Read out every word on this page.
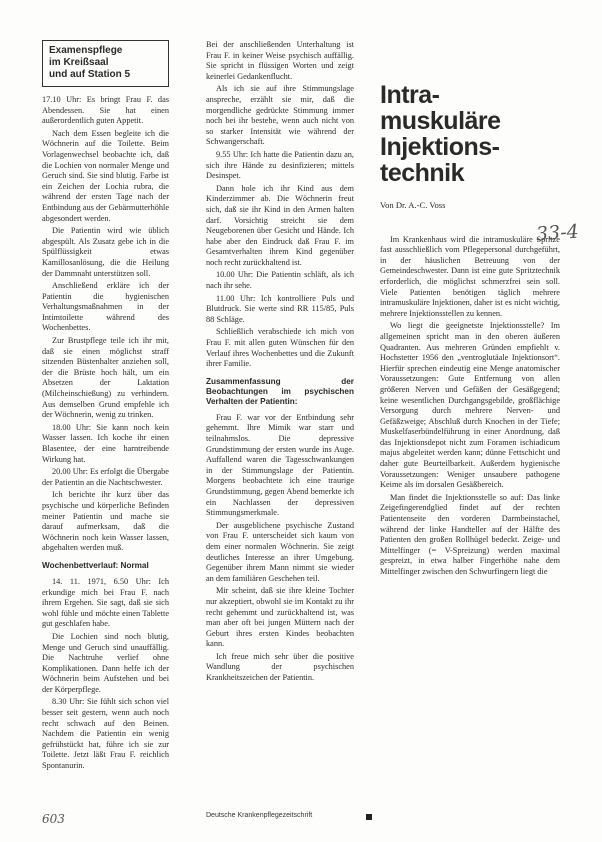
Examenspflege
im Kreißsaal
und auf Station 5

17.10 Uhr: Es bringt Frau F. das Abendessen. Sie hat einen außerordentlich guten Appetit.

Nach dem Essen begleite ich die Wöchnerin auf die Toilette. Beim Vorlagenwechsel beobachte ich, daß die Lochien von normaler Menge und Geruch sind. Sie sind blutig. Farbe ist ein Zeichen der Lochia rubra, die während der ersten Tage nach der Entbindung aus der Gebärmutterhöhle abgesondert werden.

Die Patientin wird wie üblich abgespült. Als Zusatz gebe ich in die Spülflüssigkeit etwas Kamillosanlösung, die die Heilung der Dammnaht unterstützen soll.

Anschließend erkläre ich der Patientin die hygienischen Verhaltungsmaßnahmen in der Intimtoilette während des Wochenbettes.

Zur Brustpflege teile ich ihr mit, daß sie einen möglichst straff sitzenden Büstenhalter anziehen soll, der die Brüste hoch hält, um ein Absetzen der Laktation (Milcheinschießung) zu verhindern. Aus demselben Grund empfehle ich der Wöchnerin, wenig zu trinken.

18.00 Uhr: Sie kann noch kein Wasser lassen. Ich koche ihr einen Blasentee, der eine harntreibende Wirkung hat.

20.00 Uhr: Es erfolgt die Übergabe der Patientin an die Nachtschwester.

Ich berichte ihr kurz über das psychische und körperliche Befinden meiner Patientin und mache sie darauf aufmerksam, daß die Wöchnerin noch kein Wasser lassen, abgehalten werden muß.

Wochenbettverlauf: Normal

14. 11. 1971, 6.50 Uhr: Ich erkundige mich bei Frau F. nach ihrem Ergehen. Sie sagt, daß sie sich wohl fühle und möchte einen Tablette gut geschlafen habe.

Die Lochien sind noch blutig, Menge und Geruch sind unauffällig. Die Nachtruhe verlief ohne Komplikationen. Dann helfe ich der Wöchnerin beim Aufstehen und bei der Körperpflege.

8.30 Uhr: Sie fühlt sich schon viel besser seit gestern, wenn auch noch recht schwach auf den Beinen. Nachdem die Patientin ein wenig gefrühstückt hat, führe ich sie zur Toilette. Jetzt läßt Frau F. reichlich Spontanurin.

Bei der anschließenden Unterhaltung ist Frau F. in keiner Weise psychisch auffällig. Sie spricht in flüssigen Worten und zeigt keinerlei Gedankenflucht.

Als ich sie auf ihre Stimmungslage anspreche, erzählt sie mir, daß die morgendliche gedrückte Stimmung immer noch bei ihr bestehe, wenn auch nicht von so starker Intensität wie während der Schwangerschaft.

9.55 Uhr: Ich hatte die Patientin dazu an, sich ihre Hände zu desinfizieren; mittels Desinspet.

Dann hole ich ihr Kind aus dem Kinderzimmer ab. Die Wöchnerin freut sich, daß sie ihr Kind in den Armen halten darf. Vorsichtig streicht sie dem Neugeborenen über Gesicht und Hände. Ich habe aber den Eindruck daß Frau F. im Gesamtverhalten ihrem Kind gegenüber noch recht zurückhaltend ist.

10.00 Uhr: Die Patientin schläft, als ich nach ihr sehe.

11.00 Uhr: Ich kontrolliere Puls und Blutdruck. Sie werte sind RR 115/85, Puls 88 Schläge.

Schließlich verabschiede ich mich von Frau F. mit allen guten Wünschen für den Verlauf ihres Wochenbettes und die Zukunft ihrer Familie.

Zusammenfassung der Beobachtungen im psychischen Verhalten der Patientin:

Frau F. war vor der Entbindung sehr gehemmt. Ihre Mimik war starr und teilnahmslos. Die depressive Grundstimmung der ersten wurde ins Auge. Auffallend waren die Tagesschwankungen in der Stimmungslage der Patientin. Morgens beobachtete ich eine traurige Grundstimmung, gegen Abend bemerkte ich ein Nachlassen der depressiven Stimmungsmerkmale.

Der ausgeblichene psychische Zustand von Frau F. unterscheidet sich kaum von dem einer normalen Wöchnerin. Sie zeigt deutliches Interesse an ihrer Umgebung. Gegenüber ihrem Mann nimmt sie wieder an dem familiären Geschehen teil.

Mir scheint, daß sie ihre kleine Tochter nur akzeptiert, obwohl sie im Kontakt zu ihr recht gehemmt und zurückhaltend ist, was man aber oft bei jungen Müttern nach der Geburt ihres ersten Kindes beobachten kann.

Ich freue mich sehr über die positive Wandlung der psychischen Krankheitszeichen der Patientin.

Intra-
muskuläre
Injektions-
technik
Von Dr. A.-C. Voss

Im Krankenhaus wird die intramuskuläre Spritze fast ausschließlich vom Pflegepersonal durchgeführt, in der häuslichen Betreuung von der Gemeindeschwester. Dann ist eine gute Spritztechnik erforderlich, die möglichst schmerzfrei sein soll. Viele Patienten benötigen täglich mehrere intramuskuläre Injektionen, daher ist es nicht wichtig, mehrere Injektionsstellen zu kennen.

Wo liegt die geeignetste Injektionsstelle? Im allgemeinen spricht man in den oberen äußeren Quadranten. Aus mehreren Gründen empfiehlt v. Hochstetter 1956 den „ventroglutäale Injektionsort“. Hierfür sprechen eindeutig eine Menge anatomischer Voraussetzungen: Gute Entfernung von allen größeren Nerven und Gefäßen der Gesäßgegend; keine wesentlichen Durchgangsgebilde, großflächige Versorgung durch mehrere Nerven- und Gefäßzweige; Abschluß durch Knochen in der Tiefe; Muskelfaserbündelführung in einer Anordnung, daß das Injektionsdepot nicht zum Foramen ischiadicum majus abgeleitet werden kann; dünne Fettschicht und daher gute Beurteilbarkeit. Außerdem hygienische Voraussetzungen: Weniger unsaubere pathogene Keime als im dorsalen Gesäßbereich.

Man findet die Injektionsstelle so auf: Das linke Zeigefingerendglied findet auf der rechten Patientenseite den vorderen Darmbeinstachel, während der linke Handteller auf der Hälfte des Patienten den großen Rollhügel bedeckt. Zeige- und Mittelfinger (= V-Spreizung) werden maximal gespreizt, in etwa halber Fingerhöhe nahe dem Mittelfinger zwischen den Schwurfingern liegt die

33-4
603	Deutsche Krankenpflegezeitschrift
